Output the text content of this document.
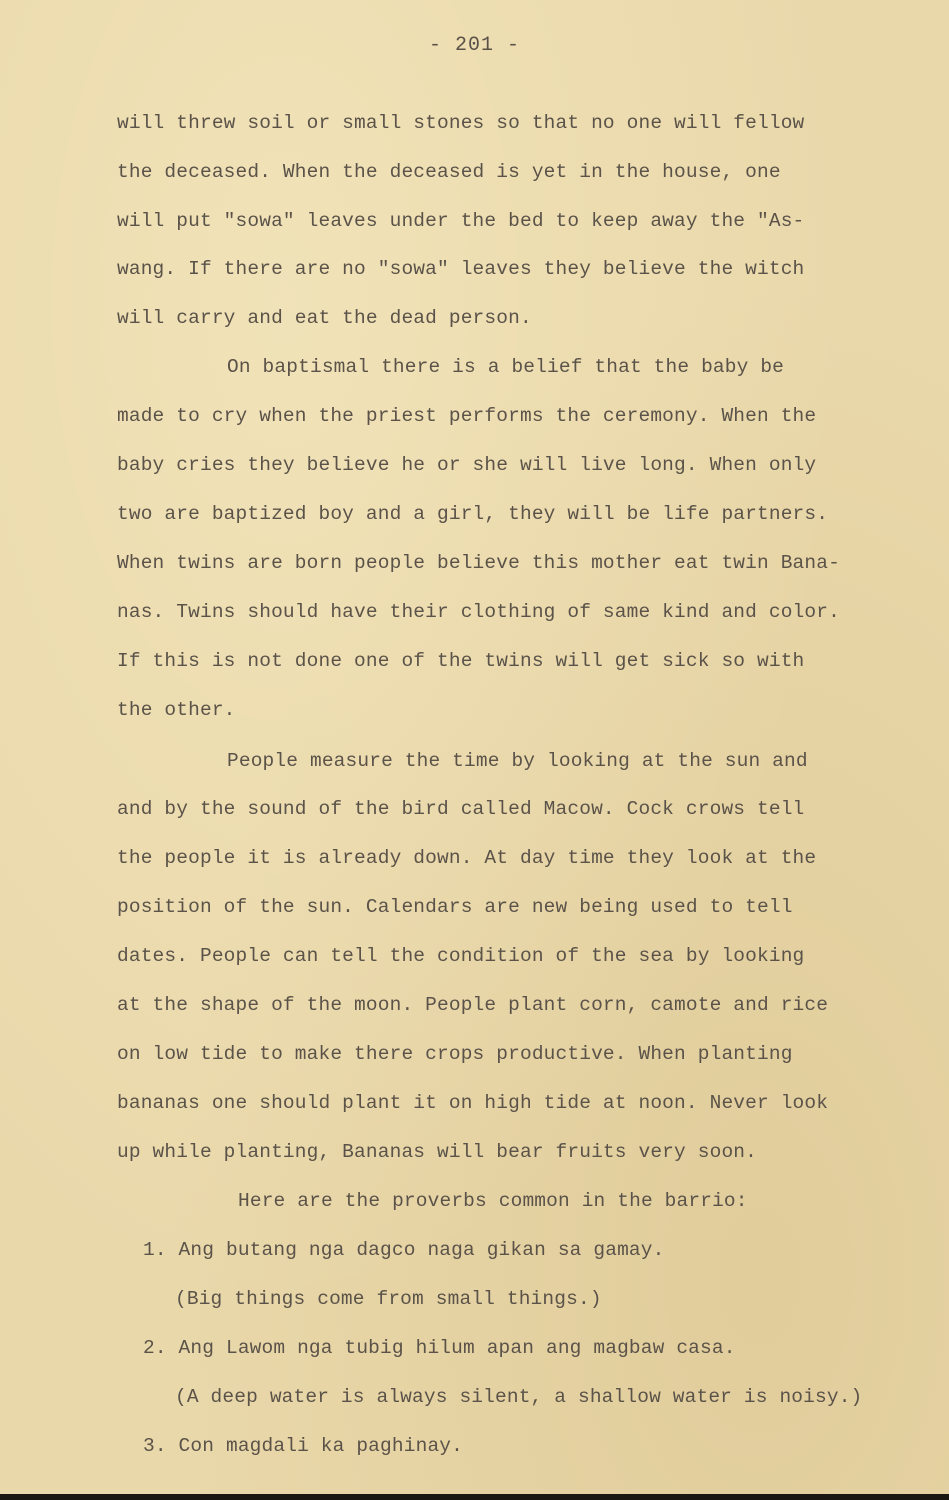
- 201 -
will threw soil or small stones so that no one will fellow
the deceased. When the deceased is yet in the house, one
will put "sowa" leaves under the bed to keep away the "As-
wang. If there are no "sowa" leaves they believe the witch
will carry and eat the dead person.
On baptismal there is a belief that the baby be
made to cry when the priest performs the ceremony. When the
baby cries they believe he or she will live long. When only
two are baptized boy and a girl, they will be life partners.
When twins are born people believe this mother eat twin Bana-
nas. Twins should have their clothing of same kind and color.
If this is not done one of the twins will get sick so with
the other.
People measure the time by looking at the sun and
and by the sound of the bird called Macow. Cock crows tell
the people it is already down. At day time they look at the
position of the sun. Calendars are new being used to tell
dates. People can tell the condition of the sea by looking
at the shape of the moon. People plant corn, camote and rice
on low tide to make there crops productive. When planting
bananas one should plant it on high tide at noon. Never look
up while planting, Bananas will bear fruits very soon.
Here are the proverbs common in the barrio:
1. Ang butang nga dagco naga gikan sa gamay.
(Big things come from small things.)
2. Ang Lawom nga tubig hilum apan ang magbaw casa.
(A deep water is always silent, a shallow water is noisy.)
3. Con magdali ka paghinay.
